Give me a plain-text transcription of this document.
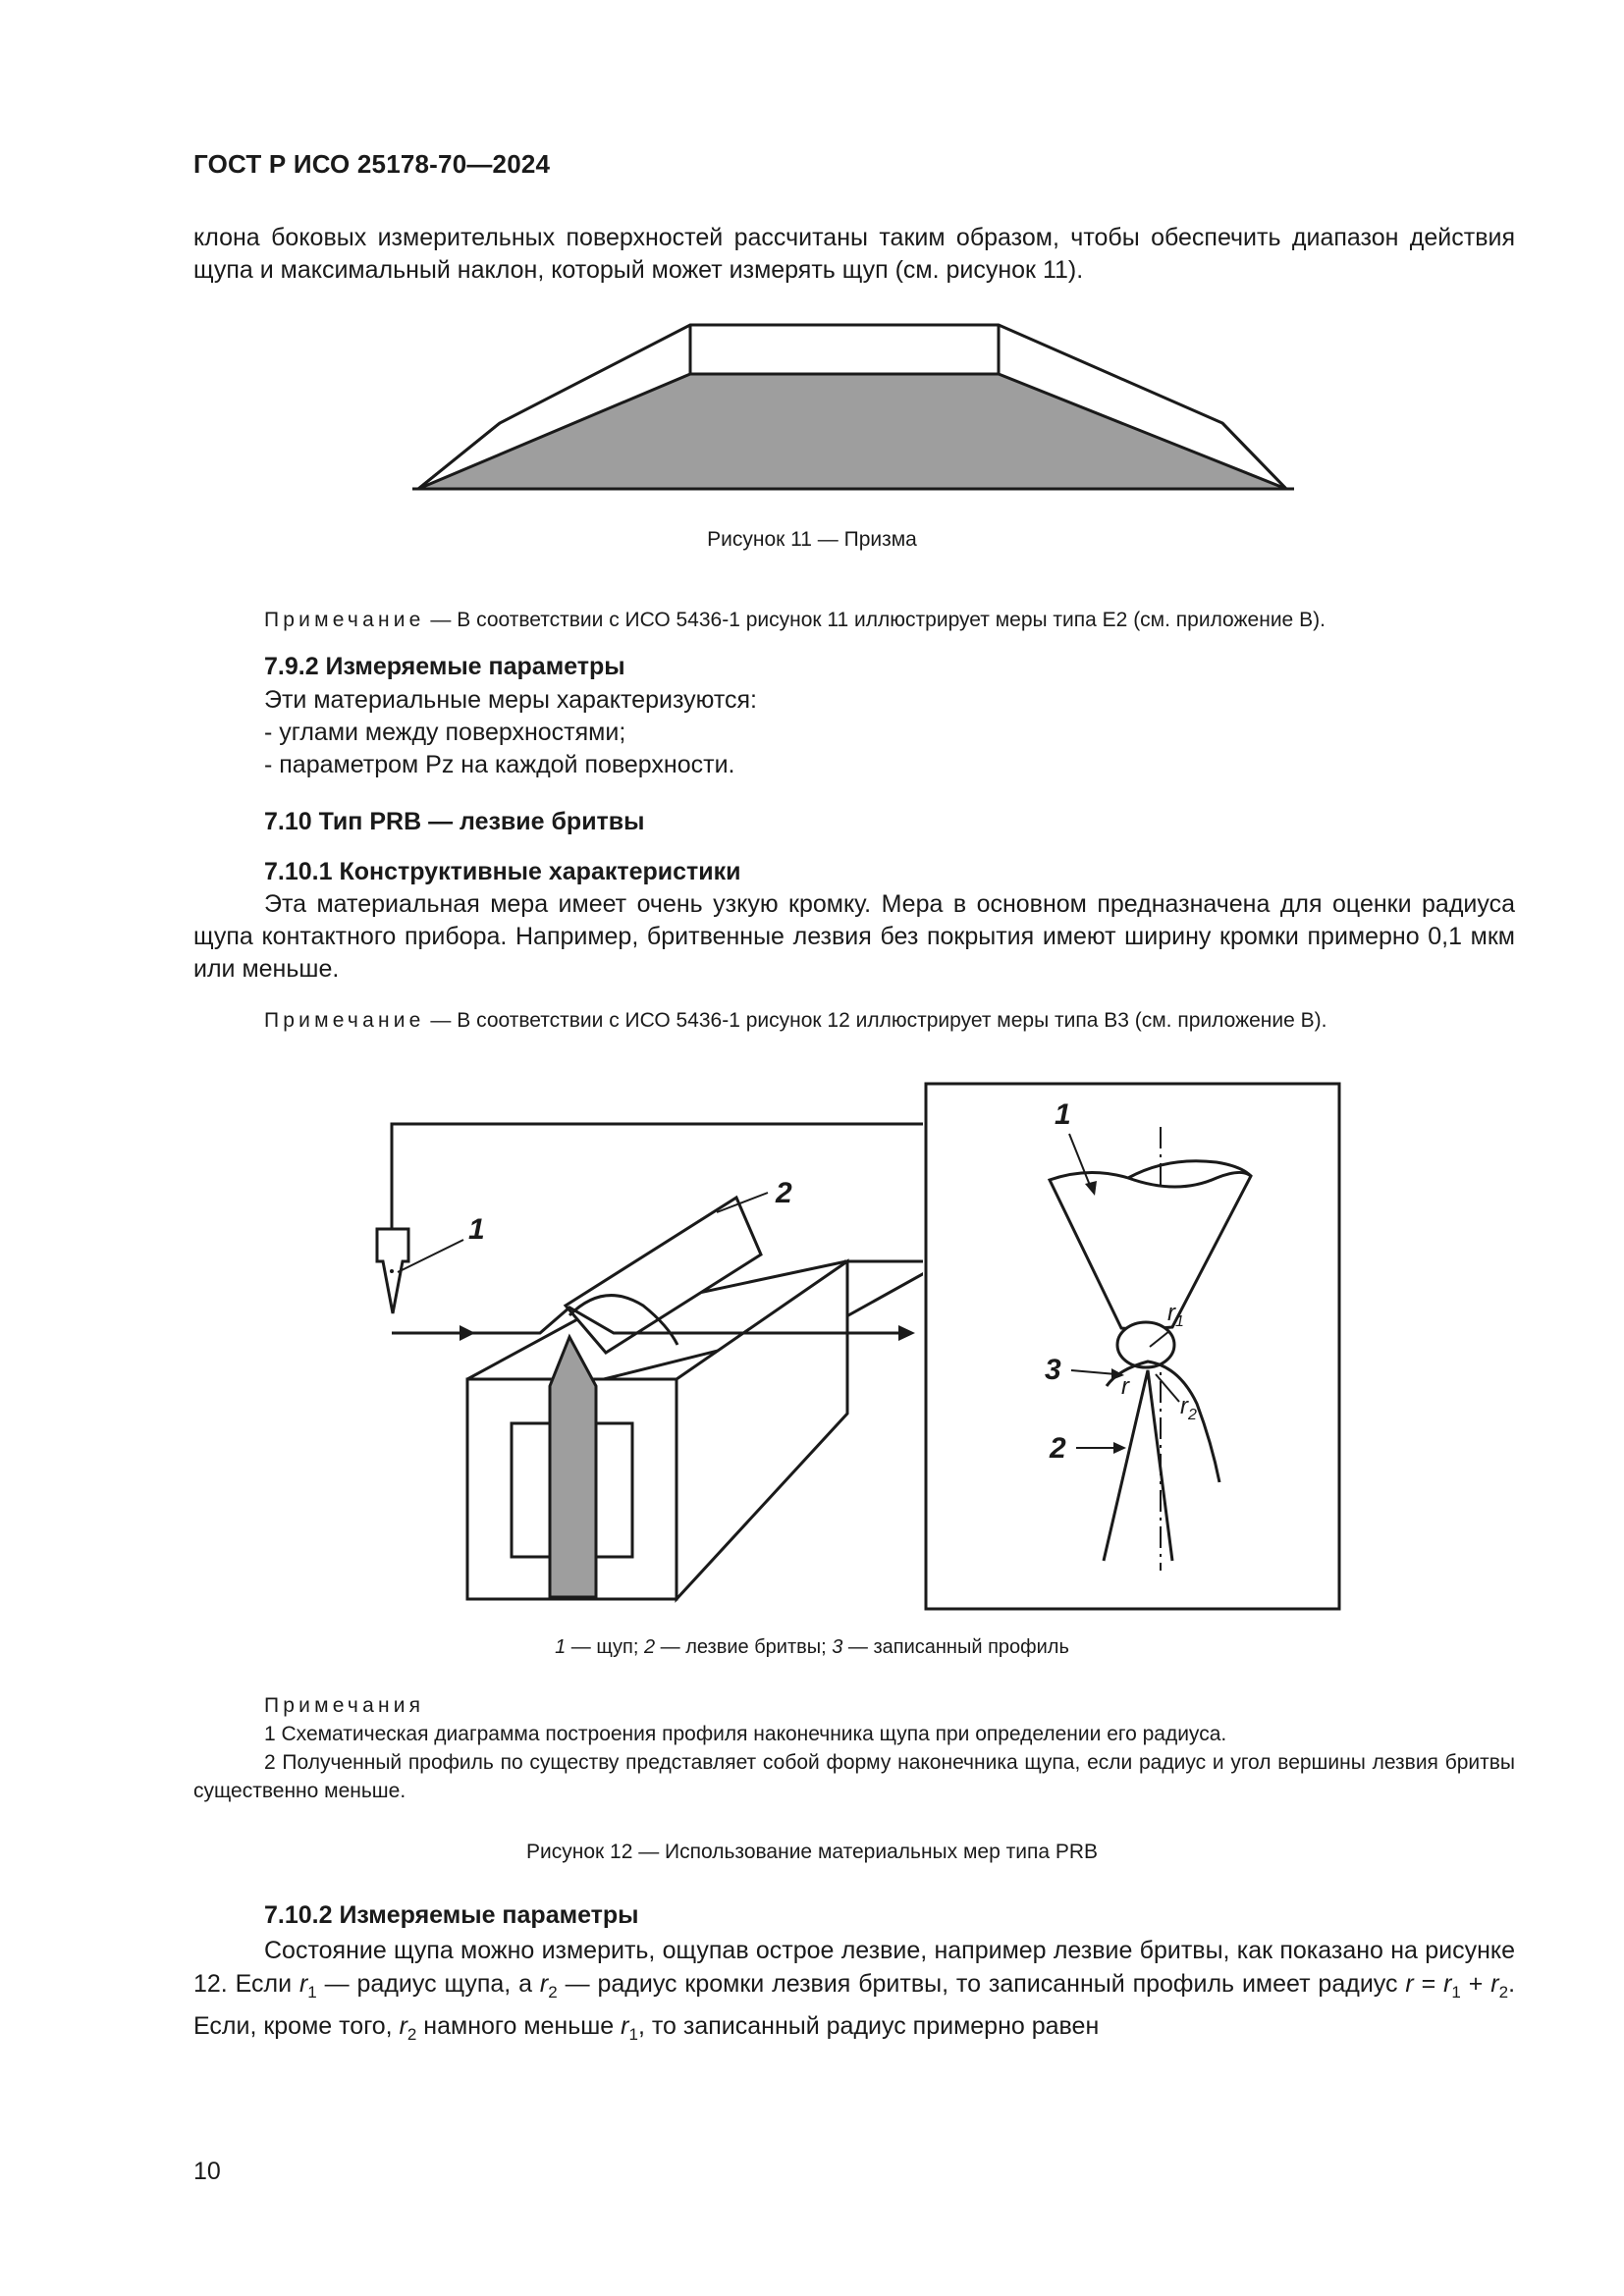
ГОСТ Р ИСО 25178-70—2024
клона боковых измерительных поверхностей рассчитаны таким образом, чтобы обеспечить диапазон действия щупа и максимальный наклон, который может измерять щуп (см. рисунок 11).
Рисунок 11 — Призма
Примечание — В соответствии с ИСО 5436-1 рисунок 11 иллюстрирует меры типа Е2 (см. приложение В).
7.9.2 Измеряемые параметры
Эти материальные меры характеризуются:
- углами между поверхностями;
- параметром Pz на каждой поверхности.
7.10 Тип PRB — лезвие бритвы
7.10.1 Конструктивные характеристики
Эта материальная мера имеет очень узкую кромку. Мера в основном предназначена для оценки радиуса щупа контактного прибора. Например, бритвенные лезвия без покрытия имеют ширину кромки примерно 0,1 мкм или меньше.
Примечание — В соответствии с ИСО 5436-1 рисунок 12 иллюстрирует меры типа В3 (см. приложение В).
1
2
1
$r_1$
3
r
$r_2$
2
1 — щуп; 2 — лезвие бритвы; 3 — записанный профиль
Примечания
1 Схематическая диаграмма построения профиля наконечника щупа при определении его радиуса.
2 Полученный профиль по существу представляет собой форму наконечника щупа, если радиус и угол вершины лезвия бритвы существенно меньше.
Рисунок 12 — Использование материальных мер типа PRB
7.10.2 Измеряемые параметры
Состояние щупа можно измерить, ощупав острое лезвие, например лезвие бритвы, как показано на рисунке 12. Если $r_1$ — радиус щупа, а $r_2$ — радиус кромки лезвия бритвы, то записанный профиль имеет радиус $r = r_1 + r_2$. Если, кроме того, $r_2$ намного меньше $r_1$, то записанный радиус примерно равен
10
